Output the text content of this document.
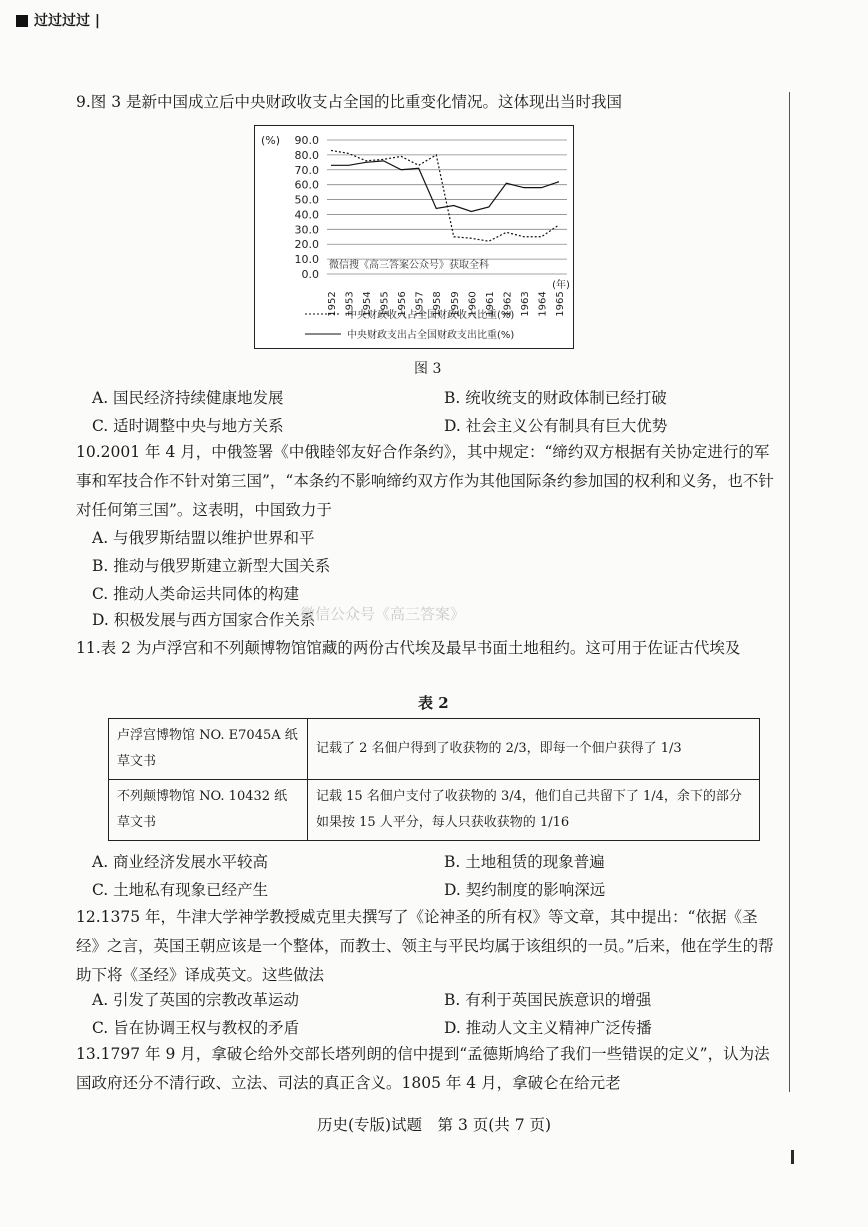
过过过过 |
9.图 3 是新中国成立后中央财政收支占全国的比重变化情况。这体现出当时我国
0.0
10.0
20.0
30.0
40.0
50.0
60.0
70.0
80.0
90.0
(%)
1952 1953 1954 1955 1956 1957 1958 1959 1960 1961 1962 1963 1964 1965
(年)
微信搜《高三答案公众号》获取全科
中央财政收入占全国财政收入比重(%)
中央财政支出占全国财政支出比重(%)
图 3
A. 国民经济持续健康地发展	B. 统收统支的财政体制已经打破
C. 适时调整中央与地方关系	D. 社会主义公有制具有巨大优势
10.2001 年 4 月，中俄签署《中俄睦邻友好合作条约》，其中规定：“缔约双方根据有关协定进行的军事和军技合作不针对第三国”，“本条约不影响缔约双方作为其他国际条约参加国的权利和义务，也不针对任何第三国”。这表明，中国致力于
A. 与俄罗斯结盟以维护世界和平
B. 推动与俄罗斯建立新型大国关系
C. 推动人类命运共同体的构建
D. 积极发展与西方国家合作关系
微信公众号《高三答案》
11.表 2 为卢浮宫和不列颠博物馆馆藏的两份古代埃及最早书面土地租约。这可用于佐证古代埃及
表 2
卢浮宫博物馆 NO. E7045A 纸草文书	记载了 2 名佃户得到了收获物的 2/3，即每一个佃户获得了 1/3
不列颠博物馆 NO. 10432 纸草文书	记载 15 名佃户支付了收获物的 3/4，他们自己共留下了 1/4，余下的部分如果按 15 人平分，每人只获收获物的 1/16
A. 商业经济发展水平较高	B. 土地租赁的现象普遍
C. 土地私有现象已经产生	D. 契约制度的影响深远
12.1375 年，牛津大学神学教授威克里夫撰写了《论神圣的所有权》等文章，其中提出：“依据《圣经》之言，英国王朝应该是一个整体，而教士、领主与平民均属于该组织的一员。”后来，他在学生的帮助下将《圣经》译成英文。这些做法
A. 引发了英国的宗教改革运动	B. 有利于英国民族意识的增强
C. 旨在协调王权与教权的矛盾	D. 推动人文主义精神广泛传播
13.1797 年 9 月，拿破仑给外交部长塔列朗的信中提到“孟德斯鸠给了我们一些错误的定义”，认为法国政府还分不清行政、立法、司法的真正含义。1805 年 4 月，拿破仑在给元老
历史(专版)试题　第 3 页(共 7 页)
